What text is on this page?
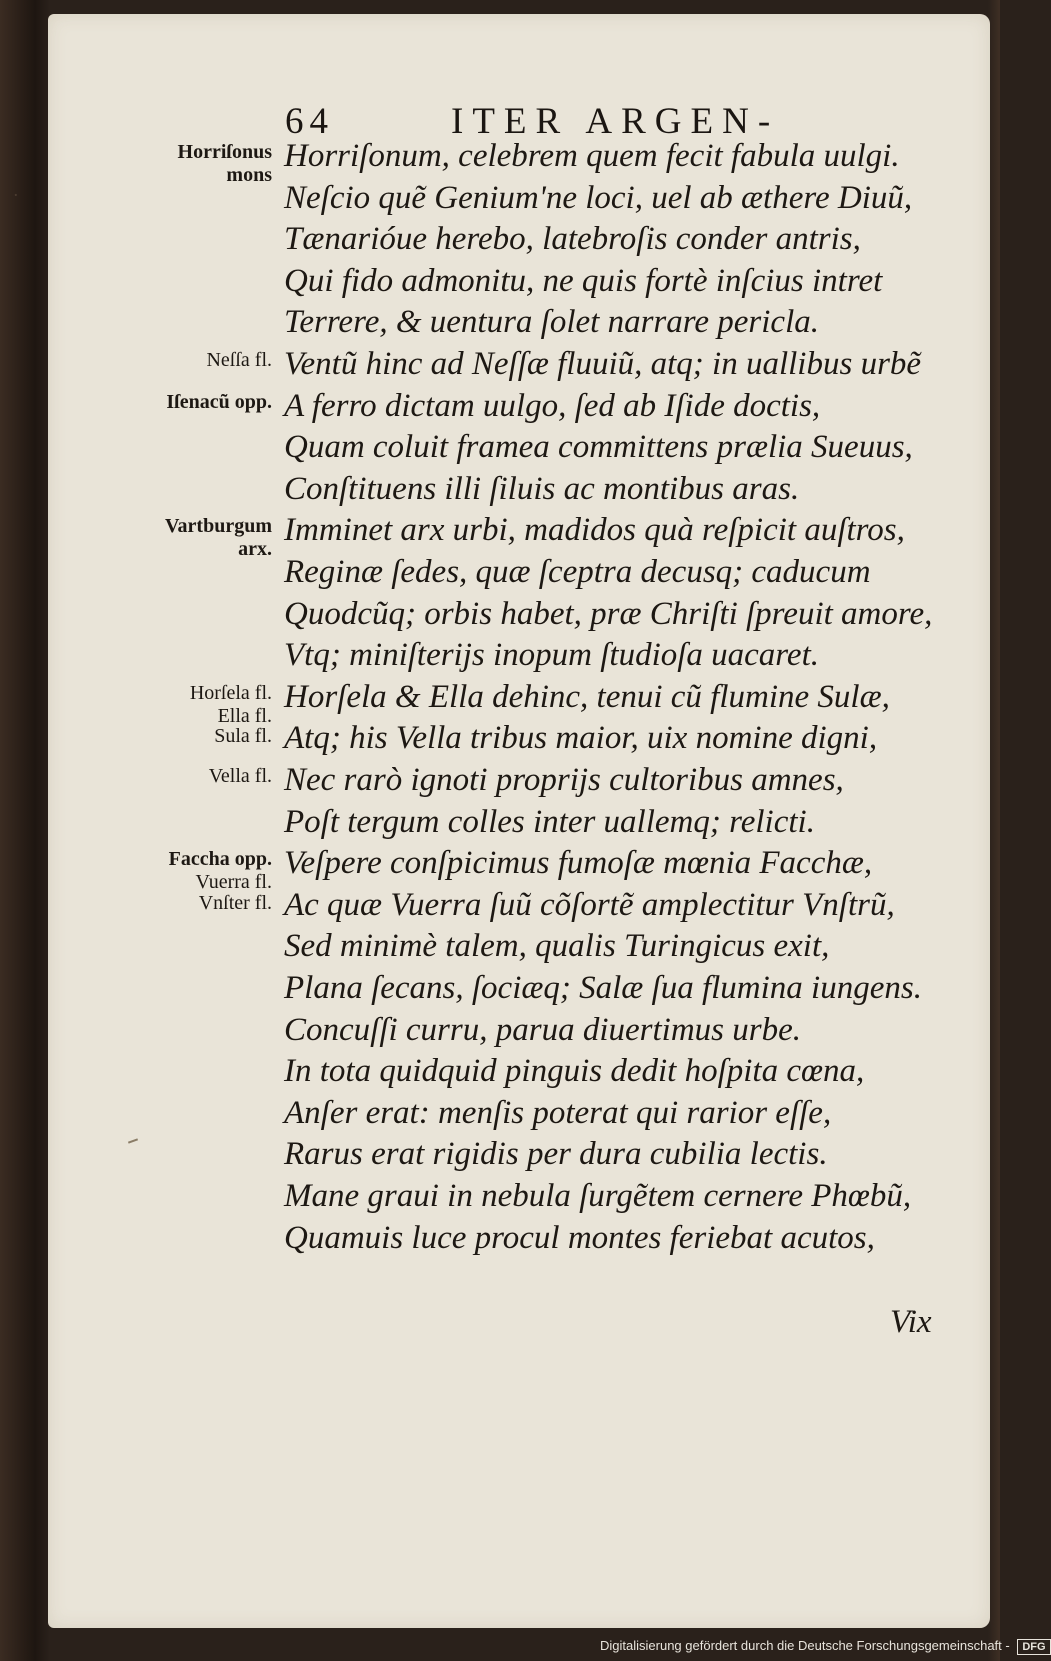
.
64	ITER ARGEN-
Horriſonum, celebrem quem fecit fabula uulgi.
Neſcio quẽ Genium'ne loci, uel ab æthere Diuũ,
Tænarióue herebo, latebroſis conder antris,
Qui fido admonitu, ne quis fortè inſcius intret
Terrere, & uentura ſolet narrare pericla.
Ventũ hinc ad Neſſæ fluuiũ, atq; in uallibus urbẽ
A ferro dictam uulgo, ſed ab Iſide doctis,
Quam coluit framea committens prælia Sueuus,
Conſtituens illi ſiluis ac montibus aras.
Imminet arx urbi, madidos quà reſpicit auſtros,
Reginæ ſedes, quæ ſceptra decusq; caducum
Quodcũq; orbis habet, præ Chriſti ſpreuit amore,
Vtq; miniſterijs inopum ſtudioſa uacaret.
Horſela & Ella dehinc, tenui cũ flumine Sulæ,
Atq; his Vella tribus maior, uix nomine digni,
Nec rarò ignoti proprijs cultoribus amnes,
Poſt tergum colles inter uallemq; relicti.
Veſpere conſpicimus fumoſæ mœnia Facchæ,
Ac quæ Vuerra ſuũ cõſortẽ amplectitur Vnſtrũ,
Sed minimè talem, qualis Turingicus exit,
Plana ſecans, ſociæq; Salæ ſua flumina iungens.
Concuſſi curru, parua diuertimus urbe.
In tota quidquid pinguis dedit hoſpita cœna,
Anſer erat: menſis poterat qui rarior eſſe,
Rarus erat rigidis per dura cubilia lectis.
Mane graui in nebula ſurgẽtem cernere Phœbũ,
Quamuis luce procul montes feriebat acutos,
Horriſonus
mons
Neſſa fl.
Iſenacũ opp.
Vartburgum
arx.
Horſela fl.
Ella fl.
Sula fl.
Vella fl.
Faccha opp.
Vuerra fl.
Vnſter fl.
Vix
Digitalisierung gefördert durch die Deutsche Forschungsgemeinschaft - DFG
